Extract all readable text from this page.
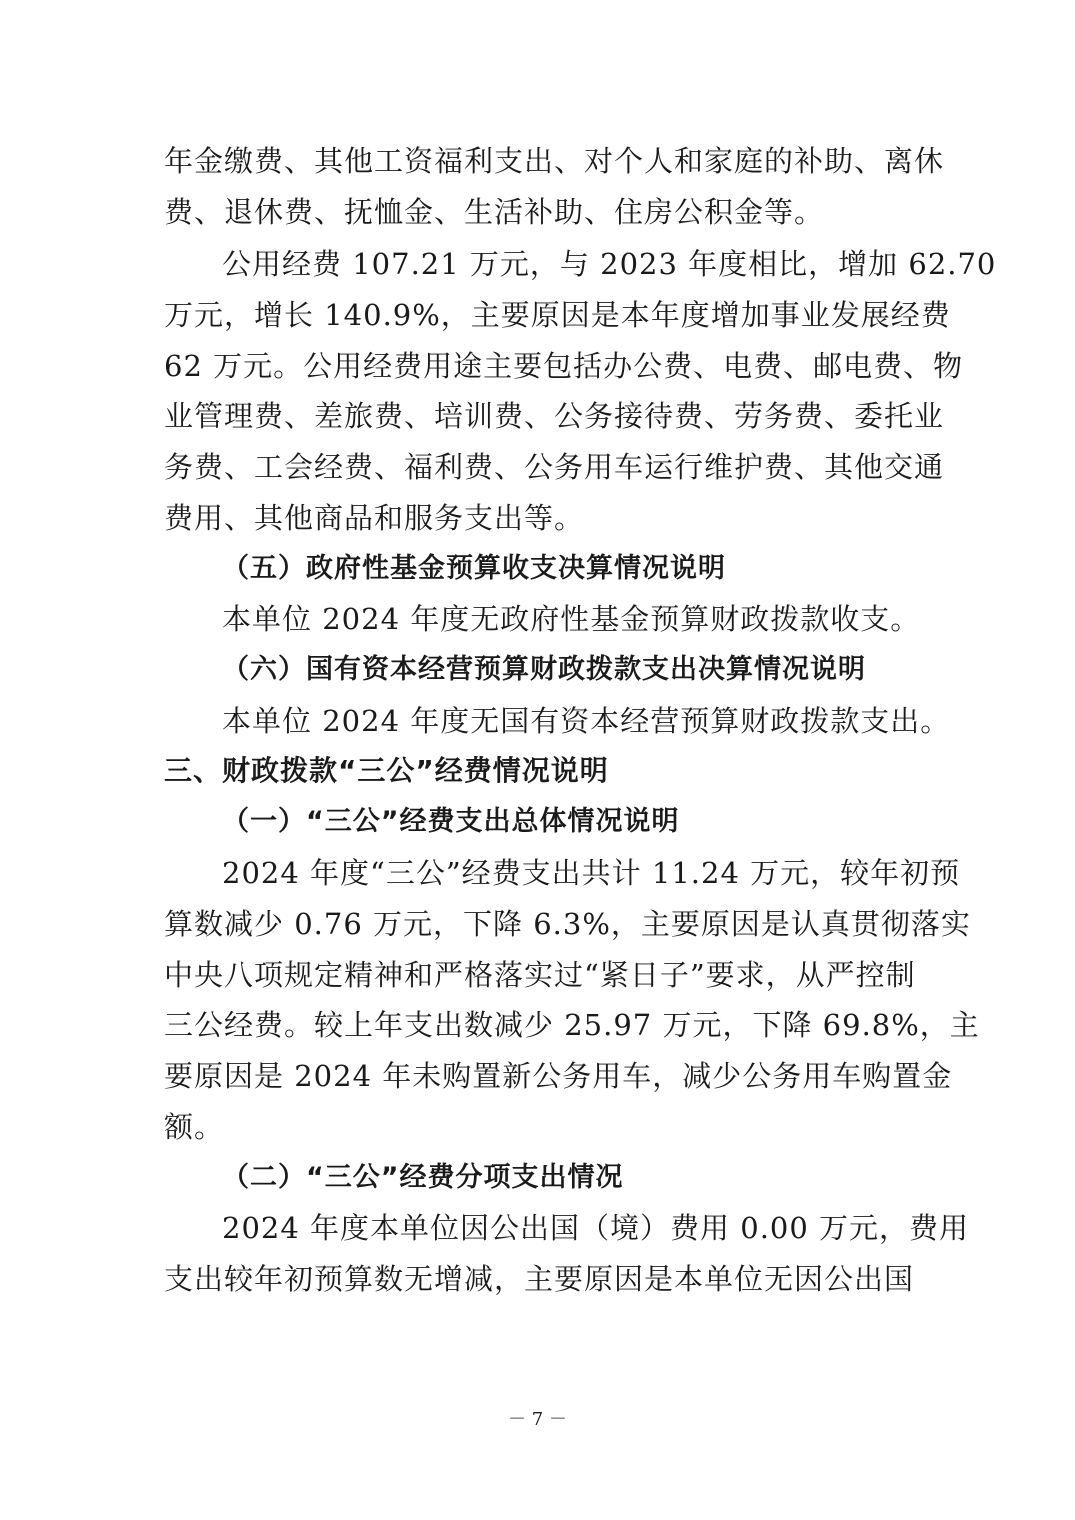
年金缴费、其他工资福利支出、对个人和家庭的补助、离休
费、退休费、抚恤金、生活补助、住房公积金等。
公用经费 107.21 万元，与 2023 年度相比，增加 62.70
万元，增长 140.9%，主要原因是本年度增加事业发展经费
62 万元。公用经费用途主要包括办公费、电费、邮电费、物
业管理费、差旅费、培训费、公务接待费、劳务费、委托业
务费、工会经费、福利费、公务用车运行维护费、其他交通
费用、其他商品和服务支出等。
（五）政府性基金预算收支决算情况说明
本单位 2024 年度无政府性基金预算财政拨款收支。
（六）国有资本经营预算财政拨款支出决算情况说明
本单位 2024 年度无国有资本经营预算财政拨款支出。
三、财政拨款“三公”经费情况说明
（一）“三公”经费支出总体情况说明
2024 年度“三公”经费支出共计 11.24 万元，较年初预
算数减少 0.76 万元，下降 6.3%，主要原因是认真贯彻落实
中央八项规定精神和严格落实过“紧日子”要求，从严控制
三公经费。较上年支出数减少 25.97 万元，下降 69.8%，主
要原因是 2024 年未购置新公务用车，减少公务用车购置金
额。
（二）“三公”经费分项支出情况
2024 年度本单位因公出国（境）费用 0.00 万元，费用
支出较年初预算数无增减，主要原因是本单位无因公出国
－ 7 －
